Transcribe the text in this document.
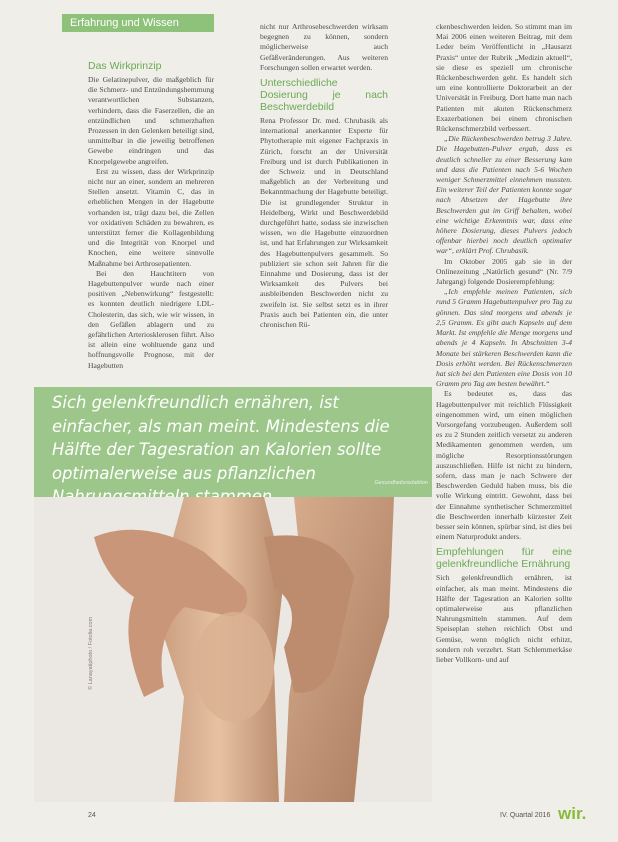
Erfahrung und Wissen
Das Wirkprinzip

Die Gelatinepulver, die maßgeblich für die Schmerz- und Entzündungshemmung verantwortlichen Substanzen, verhindern, dass die Faserzellen, die an entzündlichen und schmerzhaften Prozessen in den Gelenken beteiligt sind, unmittelbar in die jeweilig betroffenen Gewebe eindringen und das Knorpelgewebe angreifen.

Erst zu wissen, dass der Wirkprinzip nicht nur an einer, sondern an mehreren Stellen ansetzt. Vitamin C, das in erheblichen Mengen in der Hagebutte vorhanden ist, trägt dazu bei, die Zellen vor oxidativen Schäden zu bewahren, es unterstützt ferner die Kollagenbildung und die Integrität von Knorpel und Knochen, eine weitere sinnvolle Maßnahme bei Arthrosepatienten.

Bei den Hauchtitern von Hagebuttenpulver wurde nach einer positiven „Nebenwirkung“ festgestellt: es konnten deutlich niedrigere LDL-Cholesterin, das sich, wie wir wissen, in den Gefäßen ablagern und zu gefährlichen Arteriosklerosen führt. Also ist allein eine wohltuende ganz und hoffnungsvolle Prognose, mit der Hagebutten

nicht nur Arthrosebeschwerden wirksam begegnen zu können, sondern möglicherweise auch Gefäßveränderungen. Aus weiteren Forschungen sollen erwartet werden.

Unterschiedliche Dosierung je nach Beschwerdebild

Rena Professor Dr. med. Chrubasik als international anerkannter Experte für Phytotherapie mit eigener Fachpraxis in Zürich, forscht an der Universität Freiburg und ist durch Publikationen in der Schweiz und in Deutschland maßgeblich an der Verbreitung und Bekanntmachung der Hagebutte beteiligt. Die ist grundlegender Struktur in Heidelberg, Wirkt und Beschwerdebild durchgeführt hatte, sodass sie inzwischen wissen, wo die Hagebutte einzuordnen ist, und hat Erfahrungen zur Wirksamkeit des Hagebuttenpulvers gesammelt. So publiziert sie schon seit Jahren für die Einnahme und Dosierung, dass ist der Wirksamkeit des Pulvers bei ausbleibenden Beschwerden nicht zu zweifeln ist. Sie selbst setzt es in ihrer Praxis auch bei Patienten ein, die unter chronischen Rü-

ckenbeschwerden leiden. So stimmt man im Mai 2006 einen weiteren Beitrag, mit dem Leder beim Veröffentlicht in „Hausarzt Praxis“ unter der Rubrik „Medizin aktuell“, sie diese es speziell um chronische Rückenbeschwerden geht. Es handelt sich um eine kontrollierte Doktorarbeit an der Universität in Freiburg. Dort hatte man nach Patienten mit akuten Rückenschmerz Exazerbationen bei einem chronischen Rückenschmerzbild verbessert.

„Die Rückenbeschwerden betrug 3 Jahre. Die Hagebutten-Pulver ergab, dass es deutlich schneller zu einer Besserung kam und dass die Patienten nach 5-6 Wochen weniger Schmerzmittel einnehmen mussten. Ein weiterer Teil der Patienten konnte sogar nach Absetzen der Hagebutte ihre Beschwerden gut im Griff behalten, wobei eine wichtige Erkenntnis war, dass eine höhere Dosierung, dieses Pulvers jedoch offenbar hierbei noch deutlich optimaler war“, erklärt Prof. Chrubasik.

Im Oktober 2005 gab sie in der Onlinezeitung „Natürlich gesund“ (Nr. 7/9 Jahrgang) folgende Dosierempfehlung:

„Ich empfehle meinen Patienten, sich rund 5 Gramm Hagebuttenpulver pro Tag zu gönnen. Das sind morgens und abends je 2,5 Gramm. Es gibt auch Kapseln auf dem Markt. Ist empfehle die Menge morgens und abends je 4 Kapseln. In Abschnitten 3-4 Monate bei stärkeren Beschwerden kann die Dosis erhöht werden. Bei Rückenschmerzen hat sich bei den Patienten eine Dosis von 10 Gramm pro Tag am besten bewährt.“

Es bedeutet es, dass das Hagebuttenpulver mit reichlich Flüssigkeit eingenommen wird, um einen möglichen Vorsorgefang vorzubeugen. Außerdem soll es zu 2 Stunden zeitlich versetzt zu anderen Medikamenten genommen werden, um mögliche Resorptionsstörungen auszuschließen. Hilfe ist nicht zu hindern, sofern, dass man je nach Schwere der Beschwerden Geduld haben muss, bis die volle Wirkung eintritt. Gewohnt, dass bei der Einnahme synthetischer Schmerzmittel die Beschwerden innerhalb kürzester Zeit besser sein können, spürbar sind, ist dies bei einem Naturprodukt anders.

Empfehlungen für eine gelenkfreundliche Ernährung

Sich gelenkfreundlich ernähren, ist einfacher, als man meint. Mindestens die Hälfte der Tagesration an Kalorien sollte optimalerweise aus pflanzlichen Nahrungsmitteln stammen. Auf dem Speiseplan stehen reichlich Obst und Gemüse, wenn möglich nicht erhitzt, sondern roh verzehrt. Statt Schlemmerkäse lieber Vollkorn- und auf

Sich gelenkfreundlich ernähren, ist einfacher, als man meint. Mindestens die Hälfte der Tagesration an Kalorien sollte optimalerweise aus pflanzlichen
Gesundheitsredaktion
© Lanayatiphoto / Fotolia.com
24	IV. Quartal 2016 wir.
